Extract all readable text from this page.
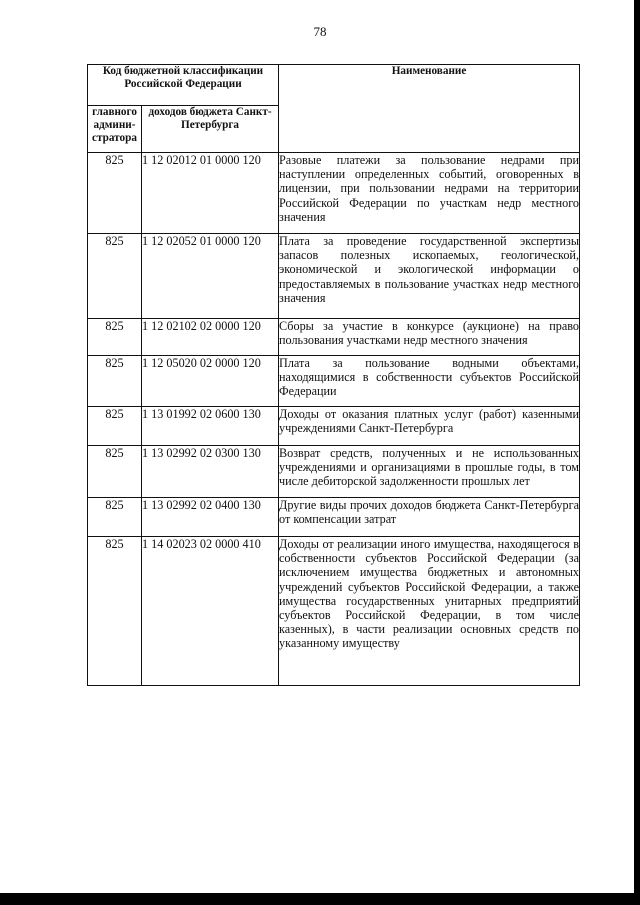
78
Код бюджетной классификации Российской Федерации		Наименование
главного админи-стратора	доходов бюджета Санкт-Петербурга	
825	1 12 02012 01 0000 120	Разовые платежи за пользование недрами при наступлении определенных событий, оговоренных в лицензии, при пользовании недрами на территории Российской Федерации по участкам недр местного значения
825	1 12 02052 01 0000 120	Плата за проведение государственной экспертизы запасов полезных ископаемых, геологической, экономической и экологической информации о предоставляемых в пользование участках недр местного значения
825	1 12 02102 02 0000 120	Сборы за участие в конкурсе (аукционе) на право пользования участками недр местного значения
825	1 12 05020 02 0000 120	Плата за пользование водными объектами, находящимися в собственности субъектов Российской Федерации
825	1 13 01992 02 0600 130	Доходы от оказания платных услуг (работ) казенными учреждениями Санкт-Петербурга
825	1 13 02992 02 0300 130	Возврат средств, полученных и не использованных учреждениями и организациями в прошлые годы, в том числе дебиторской задолженности прошлых лет
825	1 13 02992 02 0400 130	Другие виды прочих доходов бюджета Санкт-Петербурга от компенсации затрат
825	1 14 02023 02 0000 410	Доходы от реализации иного имущества, находящегося в собственности субъектов Российской Федерации (за исключением имущества бюджетных и автономных учреждений субъектов Российской Федерации, а также имущества государственных унитарных предприятий субъектов Российской Федерации, в том числе казенных), в части реализации основных средств по указанному имуществу
